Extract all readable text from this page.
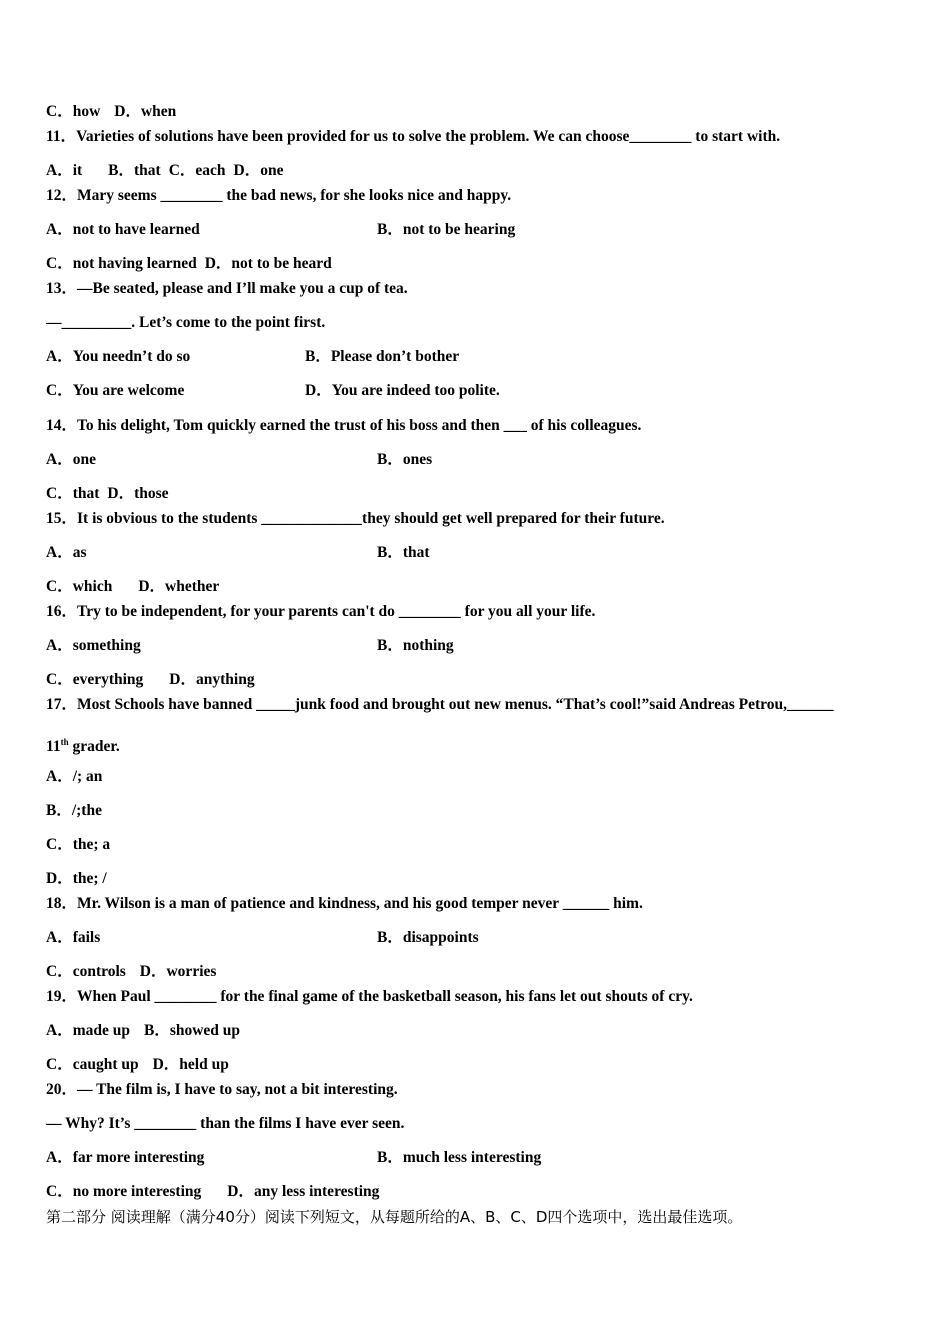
C．how D．when
11．Varieties of solutions have been provided for us to solve the problem. We can choose________ to start with.
A．it B．that C．each D．one
12．Mary seems ________ the bad news, for she looks nice and happy.
A．not to have learned	B．not to be hearing
C．not having learned D．not to be heard
13．—Be seated, please and I’ll make you a cup of tea.
—_________. Let’s come to the point first.
A．You needn’t do so	B．Please don’t bother
C．You are welcome	D．You are indeed too polite.
14．To his delight, Tom quickly earned the trust of his boss and then ___ of his colleagues.
A．one	B．ones
C．that D．those
15．It is obvious to the students _____________they should get well prepared for their future.
A．as	B．that
C．which D．whether
16．Try to be independent, for your parents can't do ________ for you all your life.
A．something	B．nothing
C．everything D．anything
17．Most Schools have banned _____junk food and brought out new menus. “That’s cool!”said Andreas Petrou,______
11th grader.
A．/; an
B．/;the
C．the; a
D．the; /
18．Mr. Wilson is a man of patience and kindness, and his good temper never ______ him.
A．fails	B．disappoints
C．controls D．worries
19．When Paul ________ for the final game of the basketball season, his fans let out shouts of cry.
A．made up B．showed up
C．caught up D．held up
20．— The film is, I have to say, not a bit interesting.
— Why? It’s ________ than the films I have ever seen.
A．far more interesting	B．much less interesting
C．no more interesting D．any less interesting
第二部分 阅读理解（满分40分）阅读下列短文，从每题所给的A、B、C、D四个选项中，选出最佳选项。
